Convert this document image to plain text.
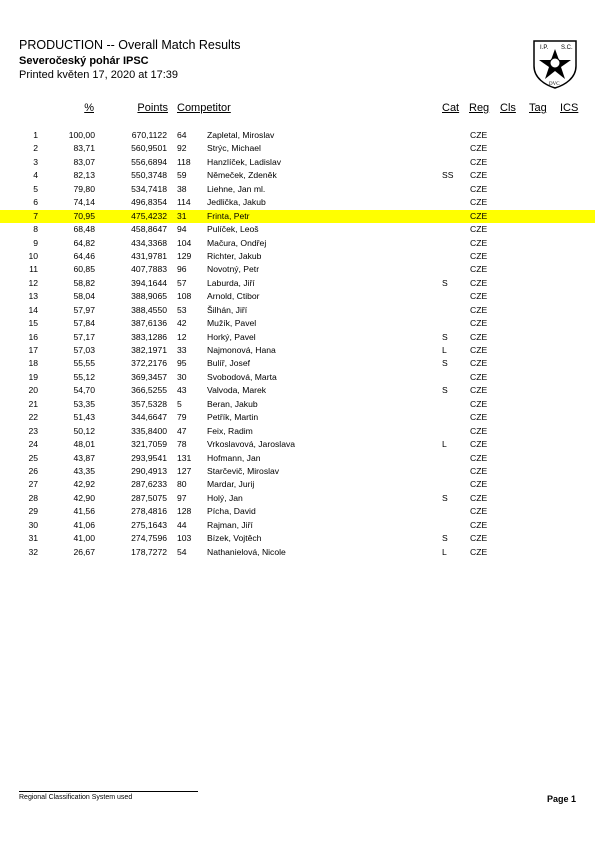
PRODUCTION -- Overall Match Results
Severočeský pohár IPSC
Printed květen 17, 2020 at 17:39
I.P. S.C.
DVC
%	Points Competitor	Cat Reg Cls Tag ICS
1	100,00	670,1122 64 Zapletal, Miroslav	CZE
2	83,71	560,9501 92 Strýc, Michael	CZE
3	83,07	556,6894 118 Hanzlíček, Ladislav	CZE
4	82,13	550,3748 59 Němeček, Zdeněk	SS CZE
5	79,80	534,7418 38 Liehne, Jan ml.	CZE
6	74,14	496,8354 114 Jedlička, Jakub	CZE
7	70,95	475,4232 31 Frinta, Petr	CZE
8	68,48	458,8647 94 Pulíček, Leoš	CZE
9	64,82	434,3368 104 Mačura, Ondřej	CZE
10	64,46	431,9781 129 Richter, Jakub	CZE
11	60,85	407,7883 96 Novotný, Petr	CZE
12	58,82	394,1644 57 Laburda, Jiří	S	CZE
13	58,04	388,9065 108 Arnold, Ctibor	CZE
14	57,97	388,4550 53 Šilhán, Jiří	CZE
15	57,84	387,6136 42 Mužík, Pavel	CZE
16	57,17	383,1286 12 Horký, Pavel	S	CZE
17	57,03	382,1971 33 Najmonová, Hana	L	CZE
18	55,55	372,2176 95 Bulíř, Josef	S	CZE
19	55,12	369,3457 30 Svobodová, Marta	CZE
20	54,70	366,5255 43 Valvoda, Marek	S	CZE
21	53,35	357,5328 5	Beran, Jakub	CZE
22	51,43	344,6647 79 Petřík, Martin	CZE
23	50,12	335,8400 47 Feix, Radim	CZE
24	48,01	321,7059 78 Vrkoslavová, Jaroslava	L	CZE
25	43,87	293,9541 131 Hofmann, Jan	CZE
26	43,35	290,4913 127 Starčevič, Miroslav	CZE
27	42,92	287,6233 80 Mardar, Jurij	CZE
28	42,90	287,5075 97 Holý, Jan	S	CZE
29	41,56	278,4816 128 Pícha, David	CZE
30	41,06	275,1643 44 Rajman, Jiří	CZE
31	41,00	274,7596 103 Bízek, Vojtěch	S	CZE
32	26,67	178,7272 54 Nathanielová, Nicole	L	CZE
Regional Classification System used	Page 1
